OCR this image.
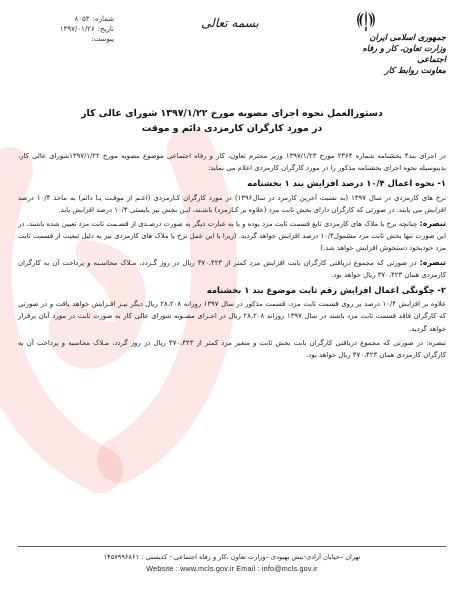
شماره:
۸۰۵۳
تاریخ:
۱۳۹۷/۰۱/۲۶
پیوست:
بسمه تعالی
جمهوری اسلامی ایران
وزارت تعاون، کار و رفاه اجتماعی
معاونت روابط کار
دستورالعمل نحوه اجرای مصوبه مورخ ۱۳۹۷/۱/۲۲ شورای عالی کار
در مورد کارگران کارمزدی دائم و موقت

در اجرای بند۴ بخشنامه شماره ۲۳۶۴ مورخ ۱۳۹۷/۱/۲۳ وزیر محترم تعاون، کار و رفاه اجتماعی موضوع مصوبه مورخ ۱۳۹۷/۱/۲۲شورای عالی کار، بدینوسیله نحوه اجرای بخشنامه مذکور را در مورد کارگران کارمزدی اعلام می نماید:

۱- نحوه اعمال ۱۰/۴ درصد افزایش بند ۱ بخشنامه

نرخ های کارمزدی در سال ۱۳۹۷ (به نسبت آخرین کارمزد در سال۱۳۹۶) در مورد کارگران کـارمزدی (اعـم از موقـت یـا دائم) به ماخذ ۱۰/۴ درصد افزایش می یابند. در صورتی که کارگران دارای بخش ثابت مزد (علاوه بر کـارمزد) باشـند، ایـن بخش نیز بایستی ۱۰/۴ درصد افزایش یابد.

تبصره: چنانچه نرخ یا ملاک های کارمزدی تابع قسمت ثابت مزد بوده و یا به عبارت دیگر به صورت درصـدی از قسـمت ثابت مزد تعیین شده باشند، در این صورت تنها بخش ثابت مزد مشمول۱۰/۴ درصد افزایش خواهد گردید. (زیرا با این عمل نرخ یا ملاک های کارمزدی نیز به دلیل تبعیت از قسمت ثابت مزد خودبخود دستخوش افزایش خواهد شد.)

تبصره: در صورتی که مجموع دریافتی کارگران بابت افزایش مزد کمتر از ۳۷۰،۴۲۳ ریال در روز گـردد، مـلاک محاسـبه و پرداخت آن به کارگران کارمزدی همان ۳۷۰،۴۲۳ ریال خواهد بود.

۲- چگونگی اعمال افزایش رقم ثابت موضوع بند ۱ بخشنامه

علاوه بر افزایش ۱۰/۴ درصد بر روی قسمت ثابت مزد، قسمت مذکور در سال ۱۳۹۷ روزانه ۲۸،۲۰۸ ریال دیگر نیـز افـزایش خواهد یافت و در صورتی که کارگران فاقد قسمت ثابت مزد باشند در سال ۱۳۹۷ روزانه ۲۸،۲۰۸ ریال در اجـرای مصـوبه شورای عالی کار به صورت ثابت در مورد آنان برقرار خواهد گردید.

تبصره: در صورتی که مجموع دریافتی کارگران بابت بخش ثابت و متغیر مزد کمتر از ۳۷۰،۴۲۳ ریال در روز گردد، مـلاک محاسبه و پرداخت آن به کارگران کارمزدی همان ۳۷۰،۴۲۳ ریال خواهد بود.

تهران –خیابان آزادی-نبش بهبودی –وزارت تعاون ،کار و رفاه اجتماعی - کدپستی : ۱۴۵۷۹۹۶۸۶۱
Website : www.mcls.gov.ir Email : info@mcls.gov.ir
